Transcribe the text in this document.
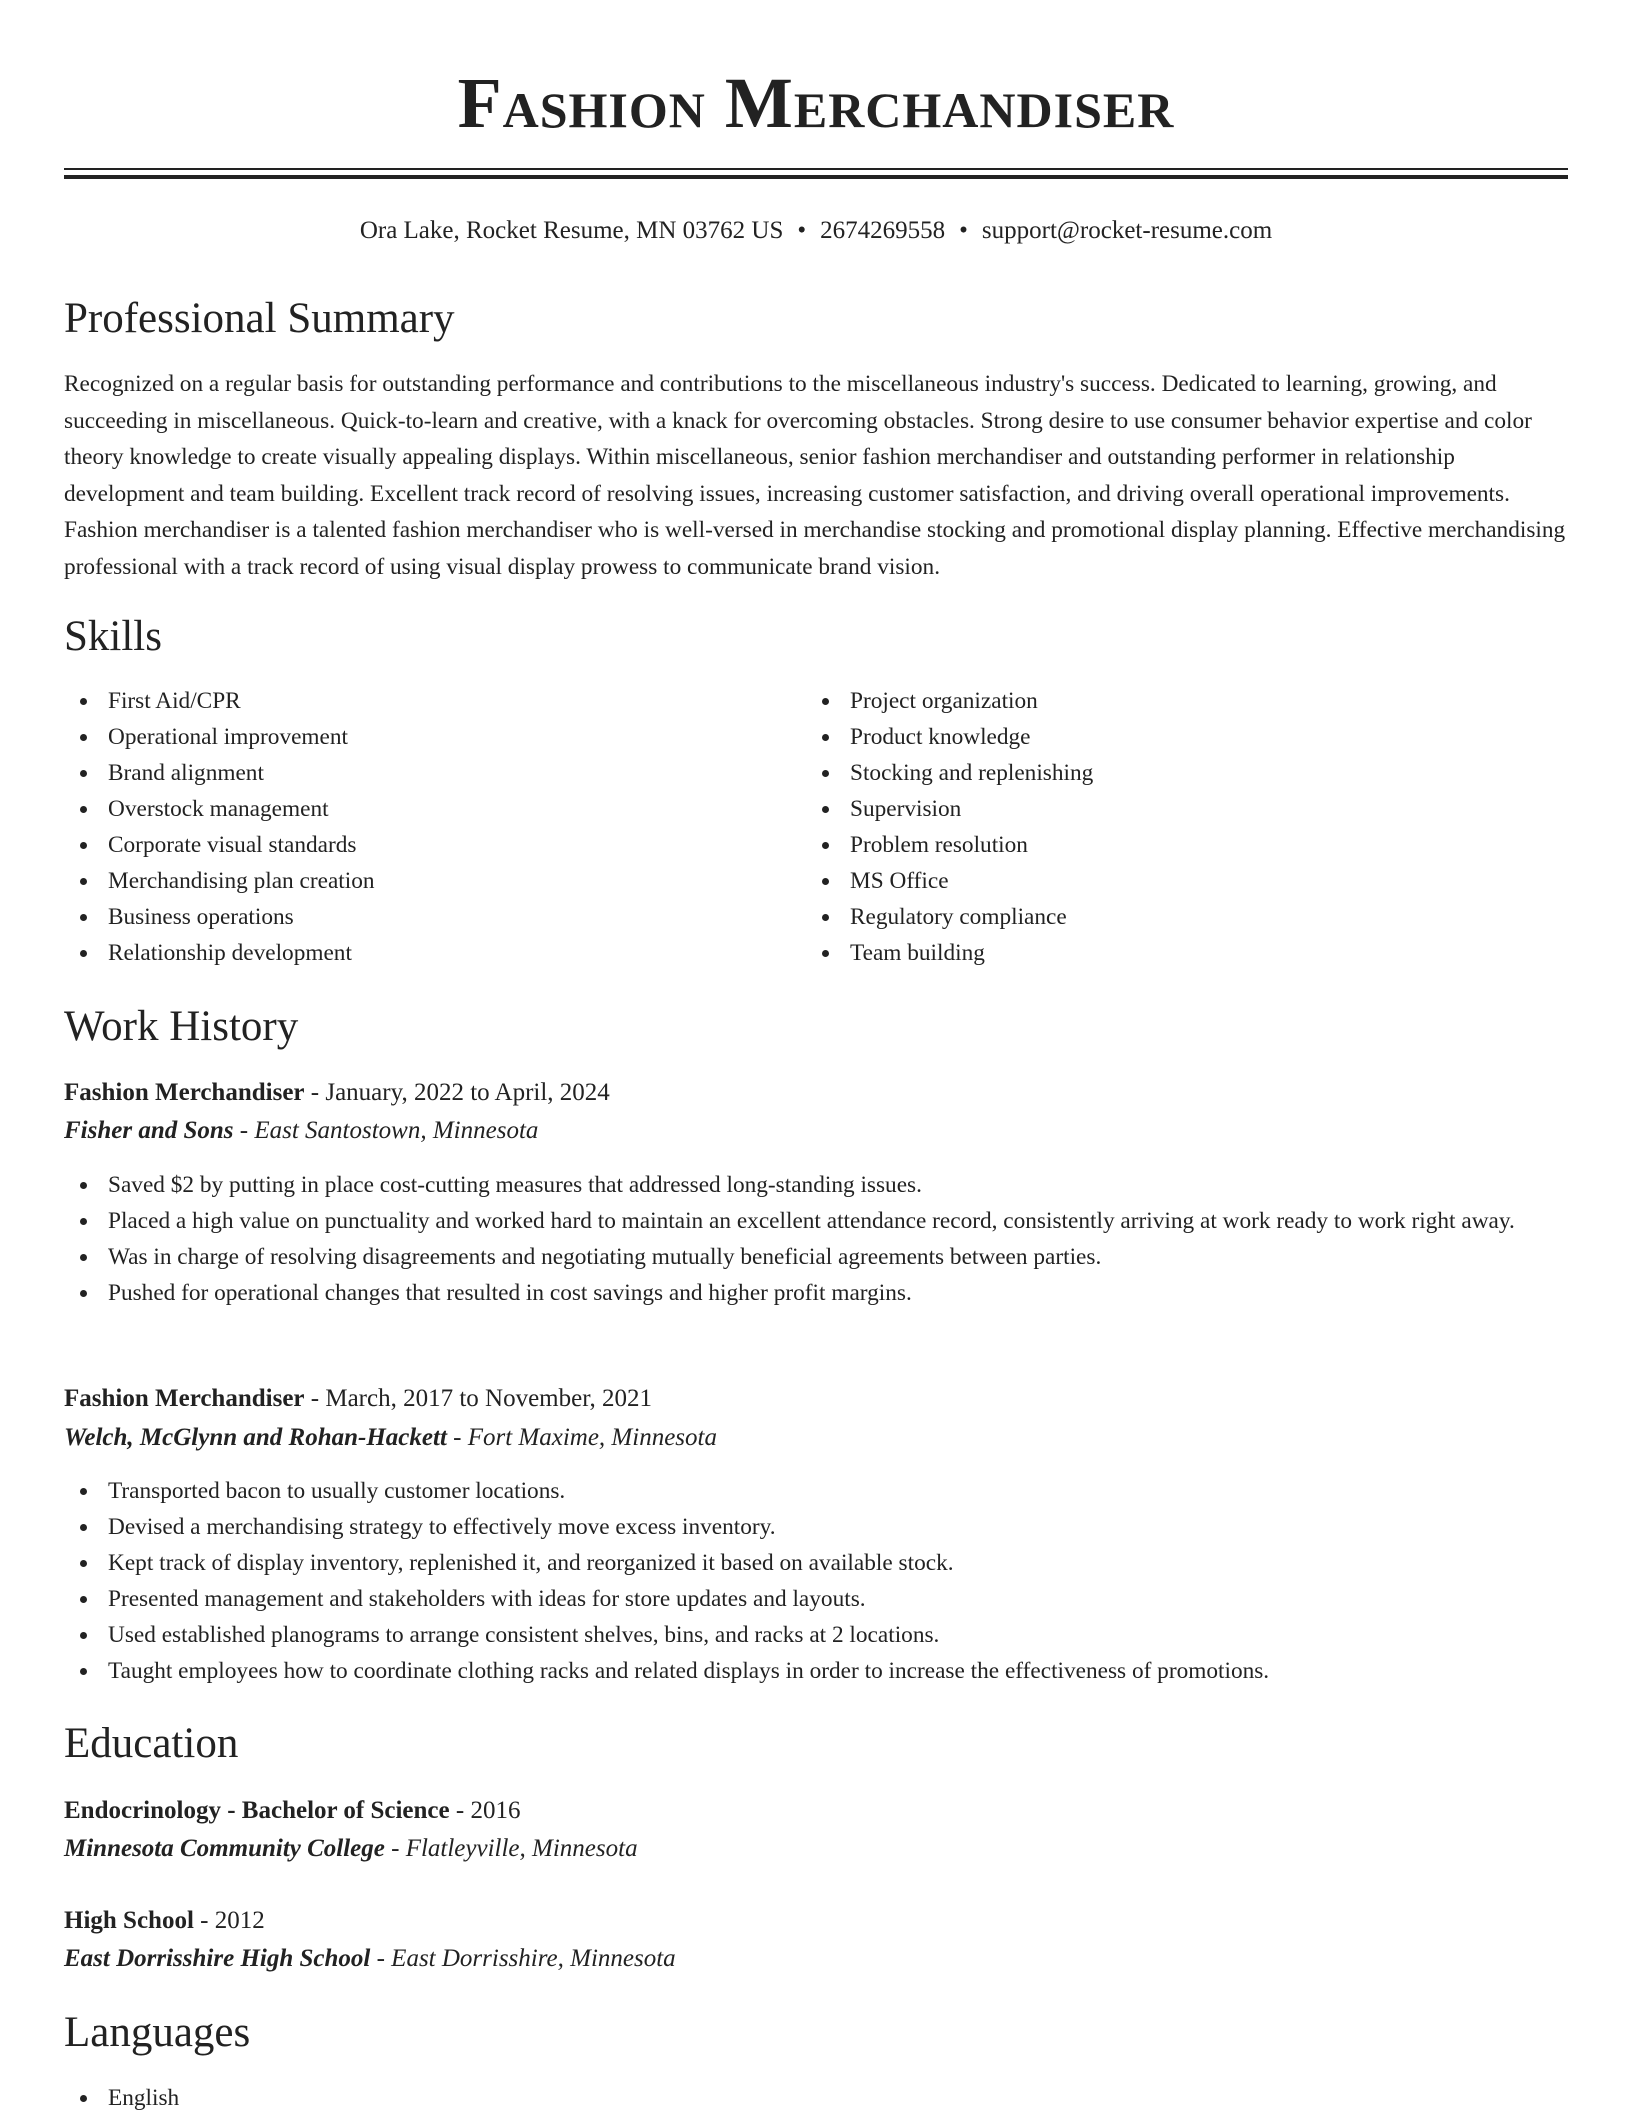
Fashion Merchandiser
Ora Lake, Rocket Resume, MN 03762 US • 2674269558 • support@rocket-resume.com
Professional Summary

Recognized on a regular basis for outstanding performance and contributions to the miscellaneous industry's success. Dedicated to learning, growing, and succeeding in miscellaneous. Quick-to-learn and creative, with a knack for overcoming obstacles. Strong desire to use consumer behavior expertise and color theory knowledge to create visually appealing displays. Within miscellaneous, senior fashion merchandiser and outstanding performer in relationship development and team building. Excellent track record of resolving issues, increasing customer satisfaction, and driving overall operational improvements. Fashion merchandiser is a talented fashion merchandiser who is well-versed in merchandise stocking and promotional display planning. Effective merchandising professional with a track record of using visual display prowess to communicate brand vision.

Skills
First Aid/CPR
Operational improvement
Brand alignment
Overstock management
Corporate visual standards
Merchandising plan creation
Business operations
Relationship development
Project organization
Product knowledge
Stocking and replenishing
Supervision
Problem resolution
MS Office
Regulatory compliance
Team building
Work History
Fashion Merchandiser - January, 2022 to April, 2024
Fisher and Sons - East Santostown, Minnesota
Saved $2 by putting in place cost-cutting measures that addressed long-standing issues.
Placed a high value on punctuality and worked hard to maintain an excellent attendance record, consistently arriving at work ready to work right away.
Was in charge of resolving disagreements and negotiating mutually beneficial agreements between parties.
Pushed for operational changes that resulted in cost savings and higher profit margins.
Fashion Merchandiser - March, 2017 to November, 2021
Welch, McGlynn and Rohan-Hackett - Fort Maxime, Minnesota
Transported bacon to usually customer locations.
Devised a merchandising strategy to effectively move excess inventory.
Kept track of display inventory, replenished it, and reorganized it based on available stock.
Presented management and stakeholders with ideas for store updates and layouts.
Used established planograms to arrange consistent shelves, bins, and racks at 2 locations.
Taught employees how to coordinate clothing racks and related displays in order to increase the effectiveness of promotions.
Education
Endocrinology - Bachelor of Science - 2016
Minnesota Community College - Flatleyville, Minnesota
High School - 2012
East Dorrisshire High School - East Dorrisshire, Minnesota
Languages
English
